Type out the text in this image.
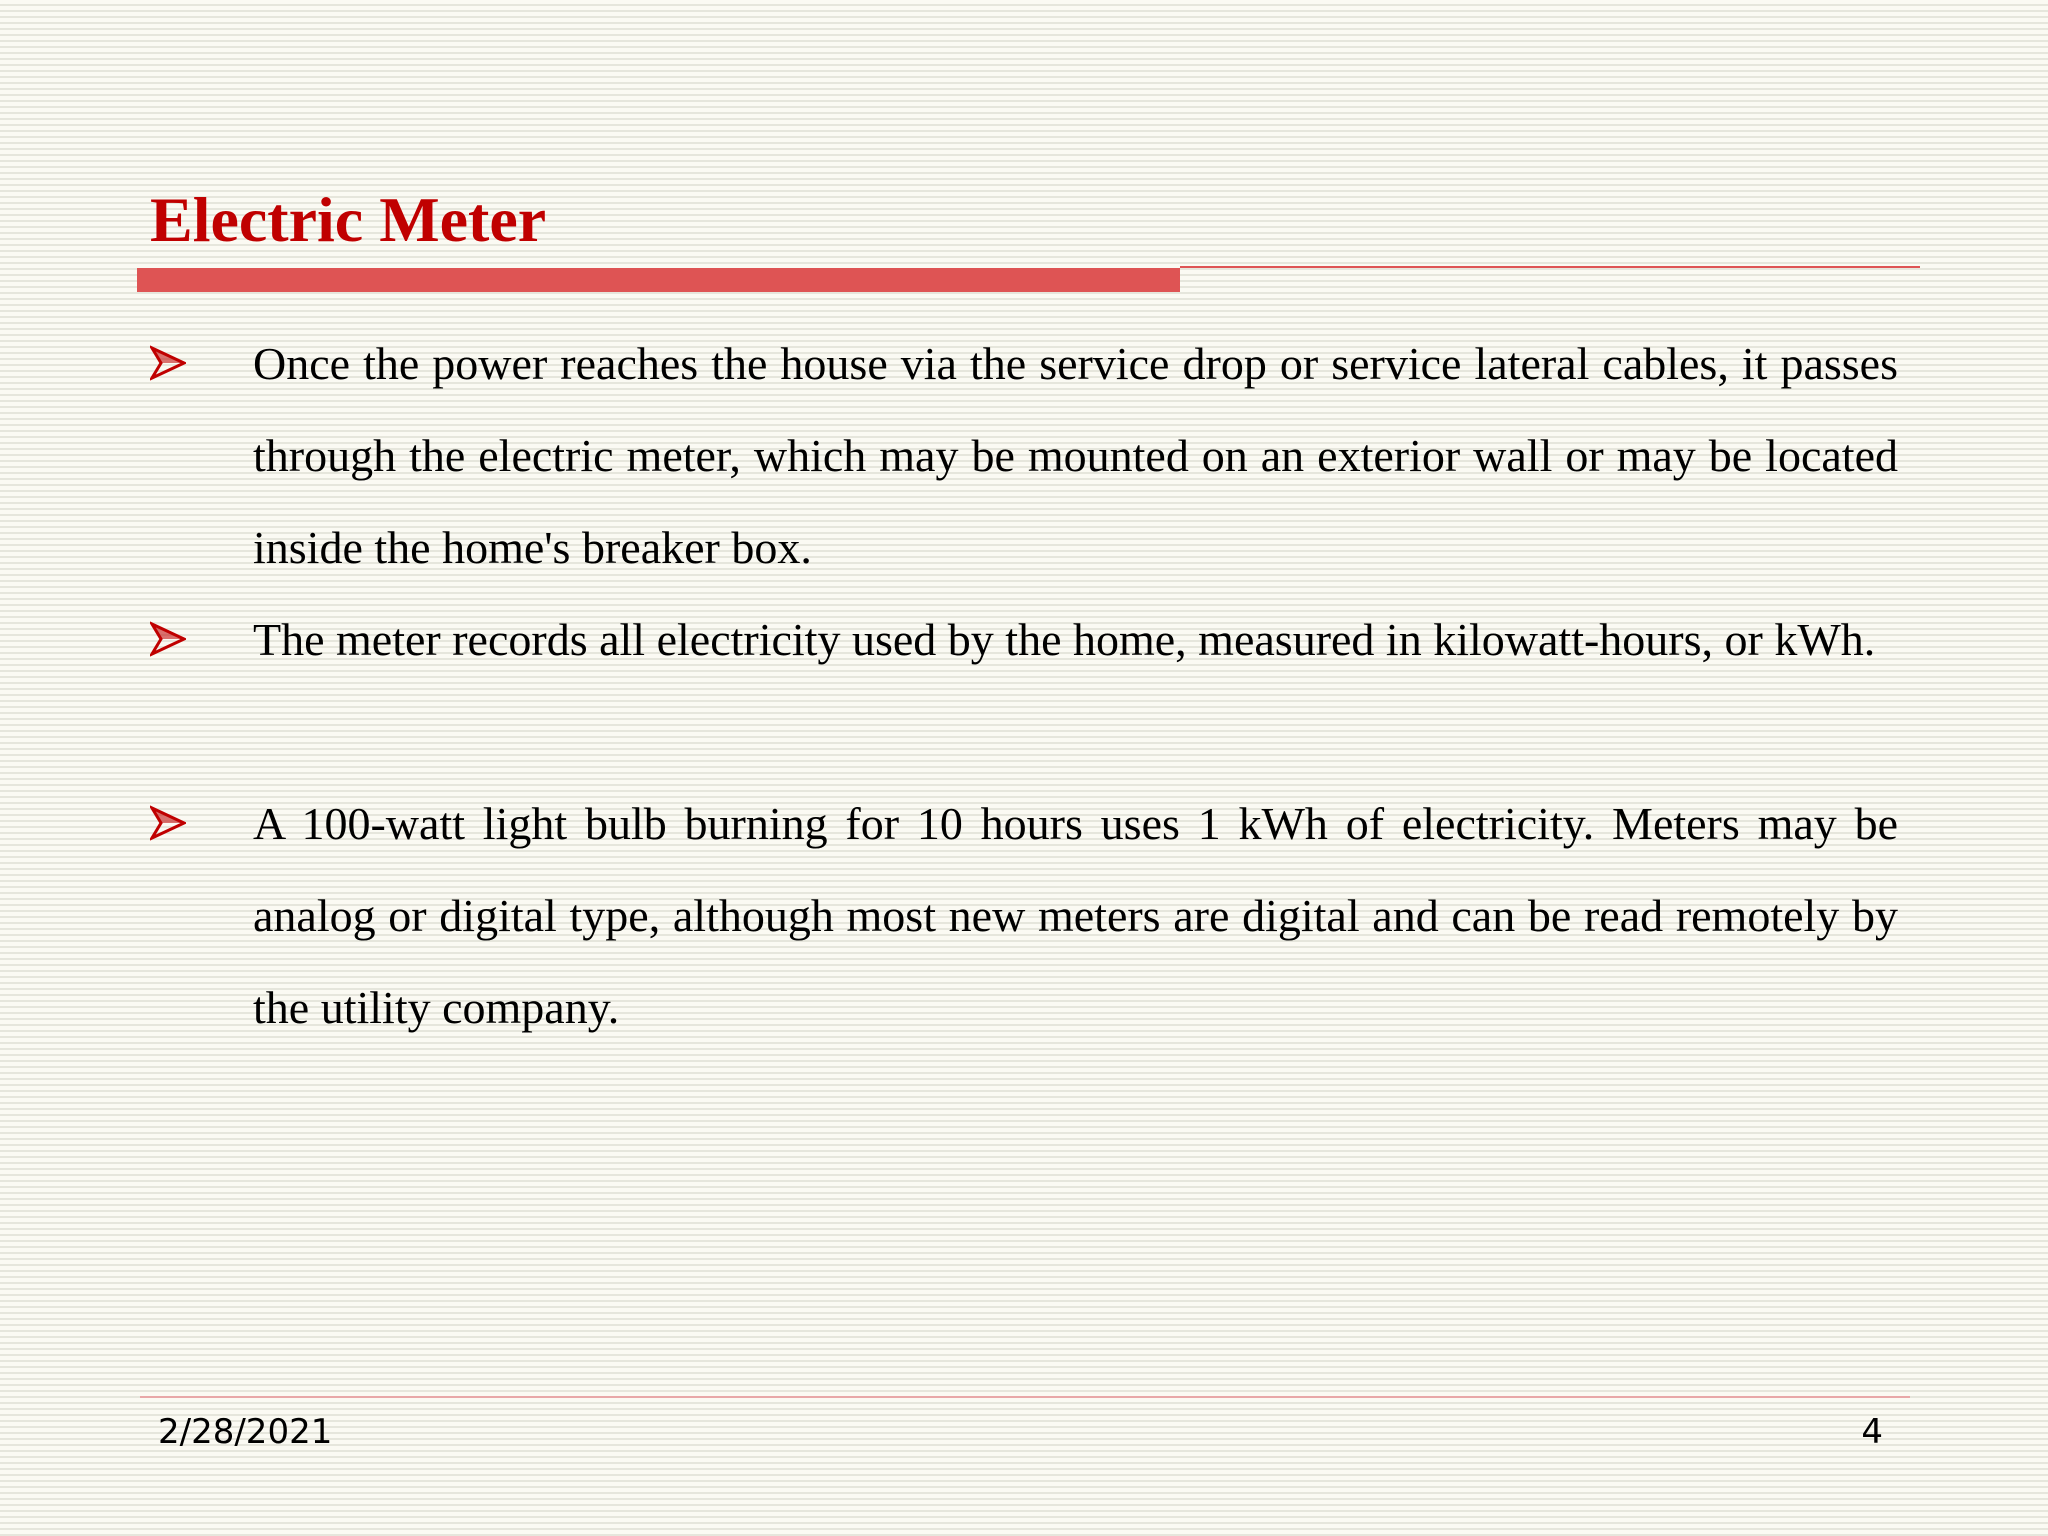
Electric Meter
Once the power reaches the house via the service drop or service lateral cables, it passes through the electric meter, which may be mounted on an exterior wall or may be located inside the home's breaker box.
The meter records all electricity used by the home, measured in kilowatt-hours, or kWh.
A 100-watt light bulb burning for 10 hours uses 1 kWh of electricity. Meters may be analog or digital type, although most new meters are digital and can be read remotely by the utility company.
2/28/2021	4
